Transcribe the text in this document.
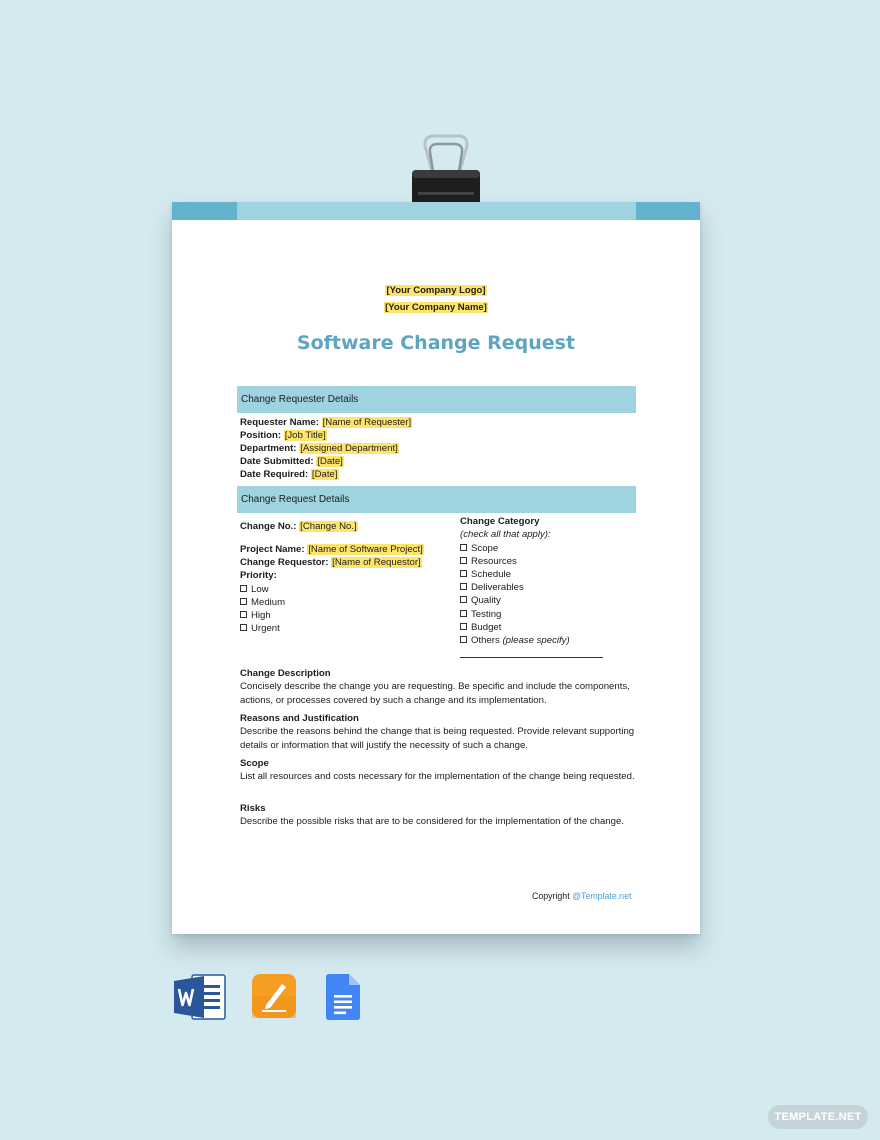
[Your Company Logo]
[Your Company Name]
Software Change Request
Change Requester Details
Requester Name: [Name of Requester]
Position: [Job Title]
Department: [Assigned Department]
Date Submitted: [Date]
Date Required: [Date]
Change Request Details
Change No.: [Change No.]
Project Name: [Name of Software Project]
Change Requestor: [Name of Requestor]
Priority:
Low
Medium
High
Urgent
Change Category
(check all that apply):
Scope
Resources
Schedule
Deliverables
Quality
Testing
Budget
Others (please specify)
Change Description
Concisely describe the change you are requesting. Be specific and include the components, actions, or processes covered by such a change and its implementation.
Reasons and Justification
Describe the reasons behind the change that is being requested. Provide relevant supporting details or information that will justify the necessity of such a change.
Scope
List all resources and costs necessary for the implementation of the change being requested.
Risks
Describe the possible risks that are to be considered for the implementation of the change.
Copyright @Template.net
TEMPLATE.NET
